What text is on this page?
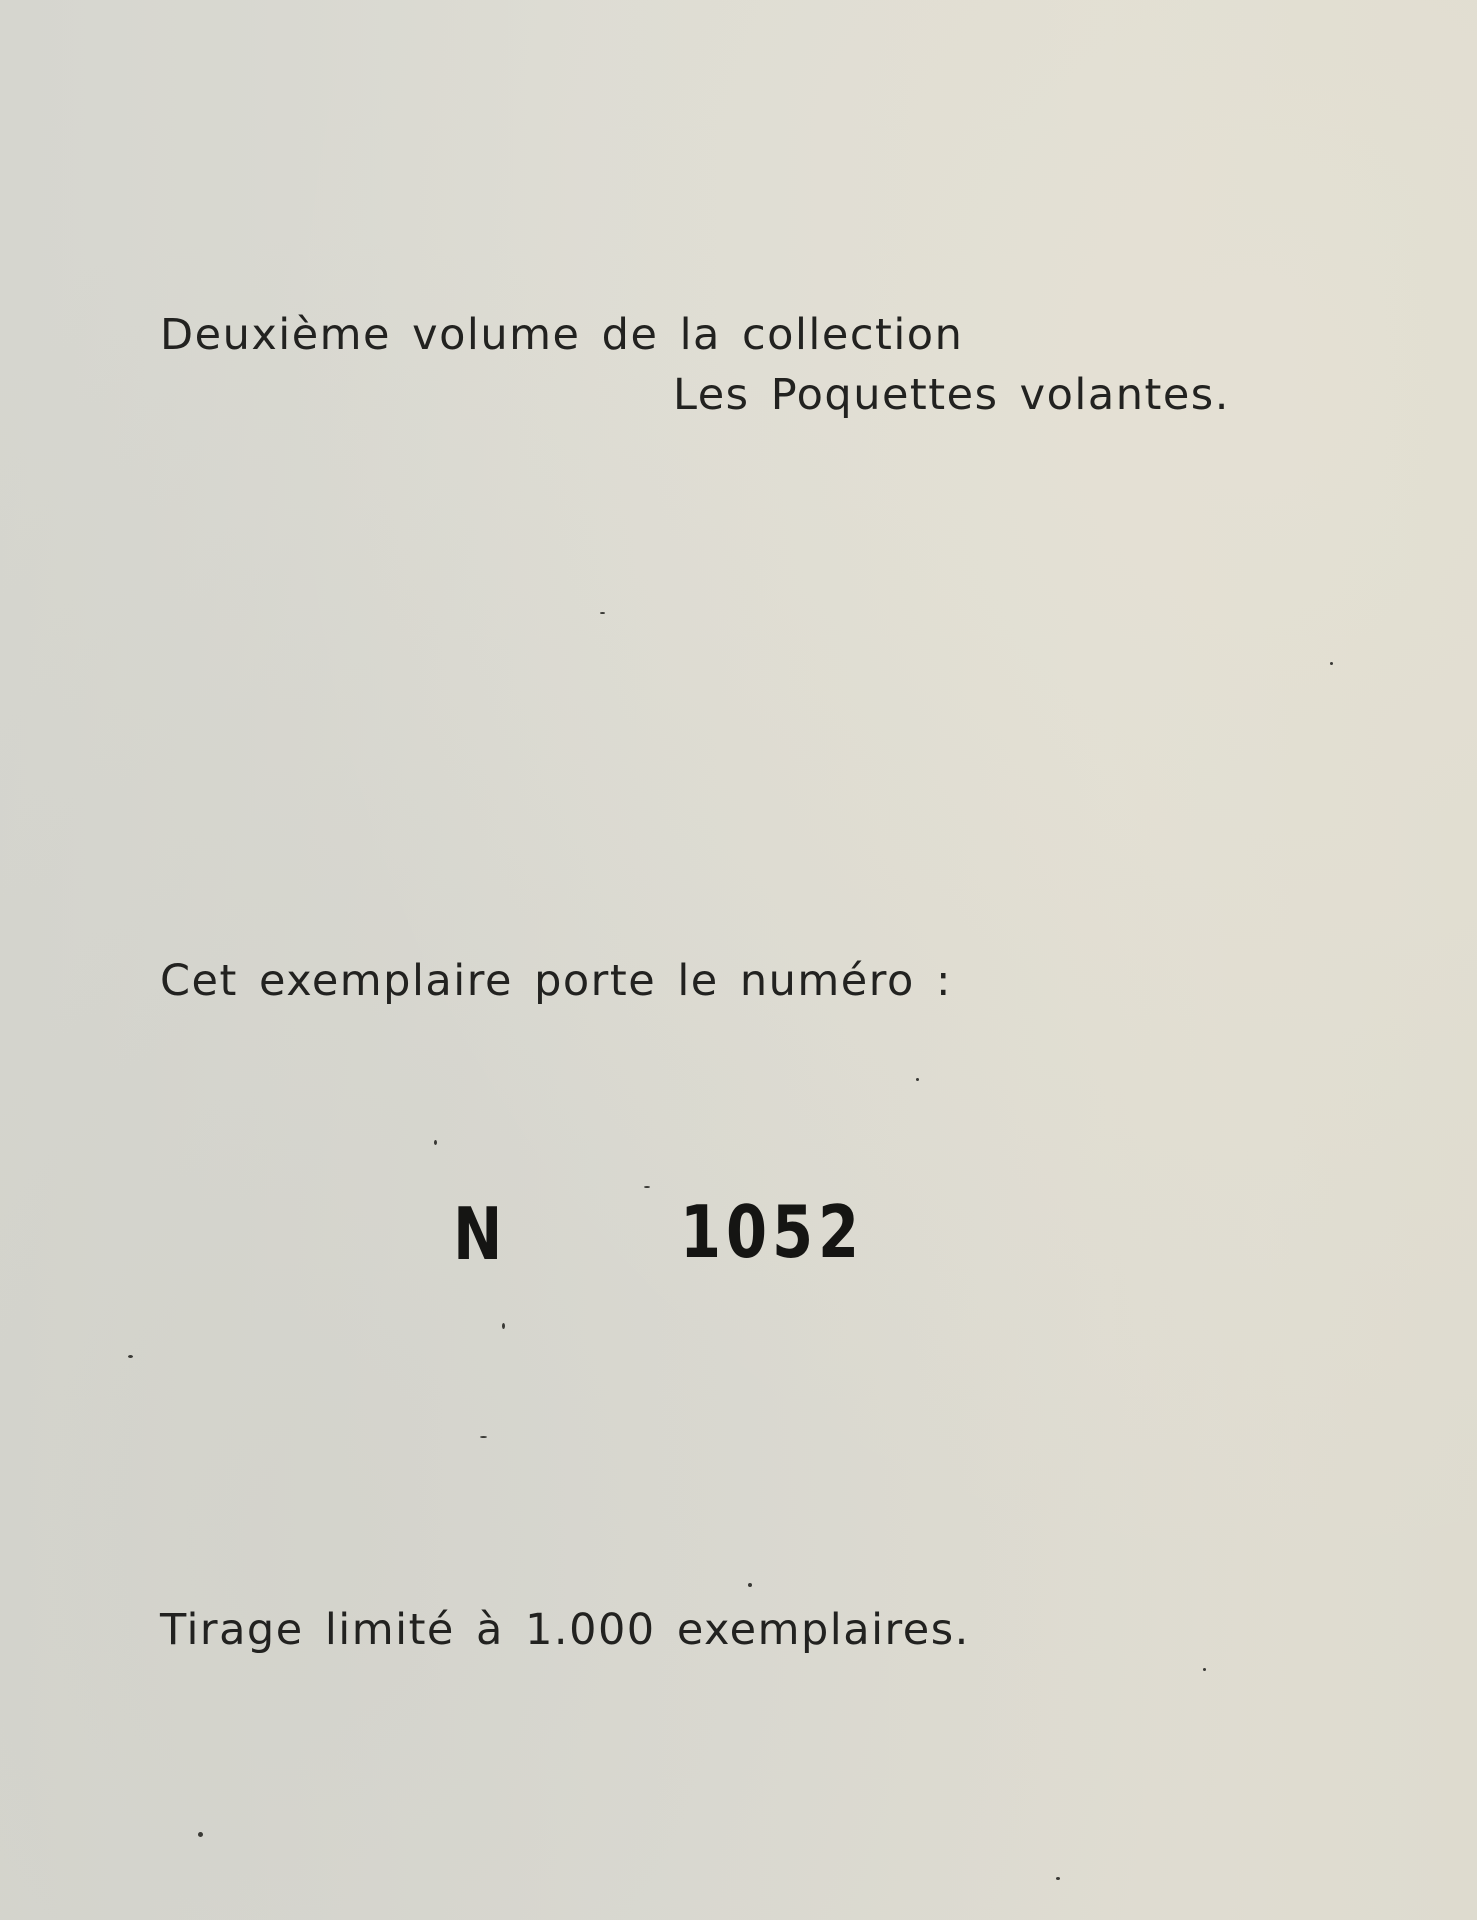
Deuxième volume de la collection
Les Poquettes volantes.
Cet exemplaire porte le numéro :
N 1052
Tirage limité à 1.000 exemplaires.
